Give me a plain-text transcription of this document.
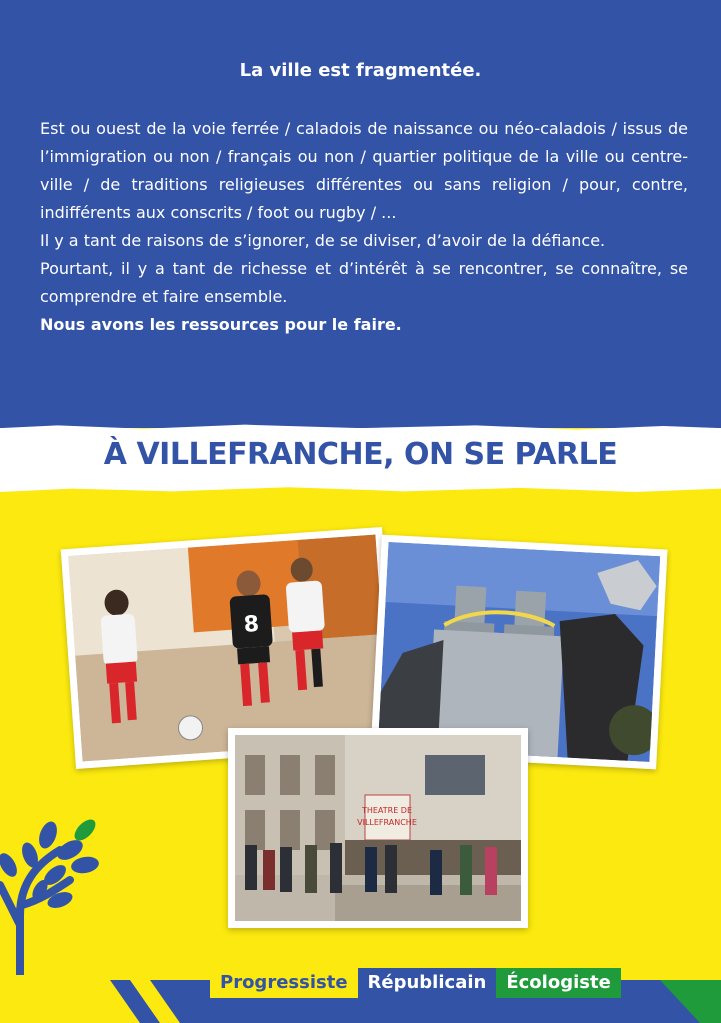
La ville est fragmentée.

Est ou ouest de la voie ferrée / caladois de naissance ou néo-caladois / issus de l’immigration ou non / français ou non / quartier politique de la ville ou centre-ville / de traditions religieuses différentes ou sans religion / pour, contre, indifférents aux conscrits / foot ou rugby / ...

Il y a tant de raisons de s’ignorer, de se diviser, d’avoir de la défiance.

Pourtant, il y a tant de richesse et d’intérêt à se rencontrer, se connaître, se comprendre et faire ensemble.

Nous avons les ressources pour le faire.

À VILLEFRANCHE, ON SE PARLE
8
THEATRE DE
VILLEFRANCHE
Progressiste	Républicain	Écologiste
